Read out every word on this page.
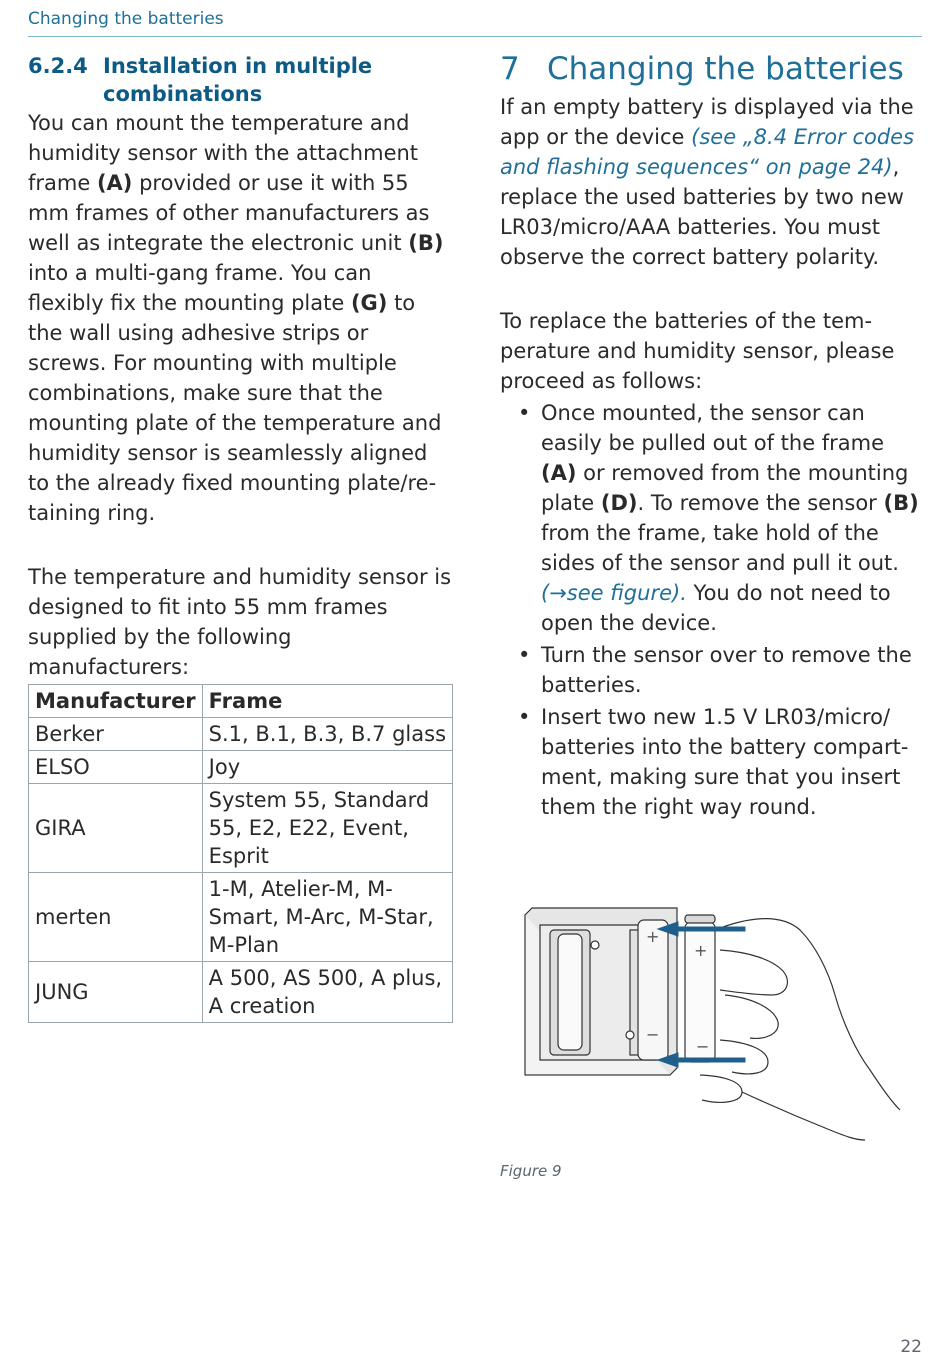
Changing the batteries
6.2.4 Installation in multiple combinations

You can mount the temperature and humidity sensor with the attachment frame (A) provided or use it with 55 mm frames of other manufacturers as well as integrate the electronic unit (B) into a multi-gang frame. You can flexibly fix the mounting plate (G) to the wall using adhesive strips or screws. For mounting with multiple combinations, make sure that the mounting plate of the temperature and humidity sensor is seamlessly aligned to the already fixed mounting plate/retaining ring.

The temperature and humidity sensor is designed to fit into 55 mm frames supplied by the following manufacturers:

Manufacturer	Frame
Berker	S.1, B.1, B.3, B.7 glass
ELSO	Joy
GIRA	System 55, Standard 55, E2, E22, Event, Esprit
merten	1-M, Atelier-M, M-Smart, M-Arc, M-Star, M-Plan
JUNG	A 500, AS 500, A plus, A creation
7 Changing the batteries

If an empty battery is displayed via the app or the device (see „8.4 Error codes and flashing sequences“ on page 24), replace the used batteries by two new LR03/micro/AAA batteries. You must observe the correct battery polarity.

To replace the batteries of the temperature and humidity sensor, please proceed as follows:

• Once mounted, the sensor can easily be pulled out of the frame (A) or removed from the mounting plate (D). To remove the sensor (B) from the frame, take hold of the sides of the sensor and pull it out. (→see figure). You do not need to open the device.
• Turn the sensor over to remove the batteries.
• Insert two new 1.5 V LR03/micro/ batteries into the battery compartment, making sure that you insert them the right way round.
+
+
−
−
Figure 9
22
